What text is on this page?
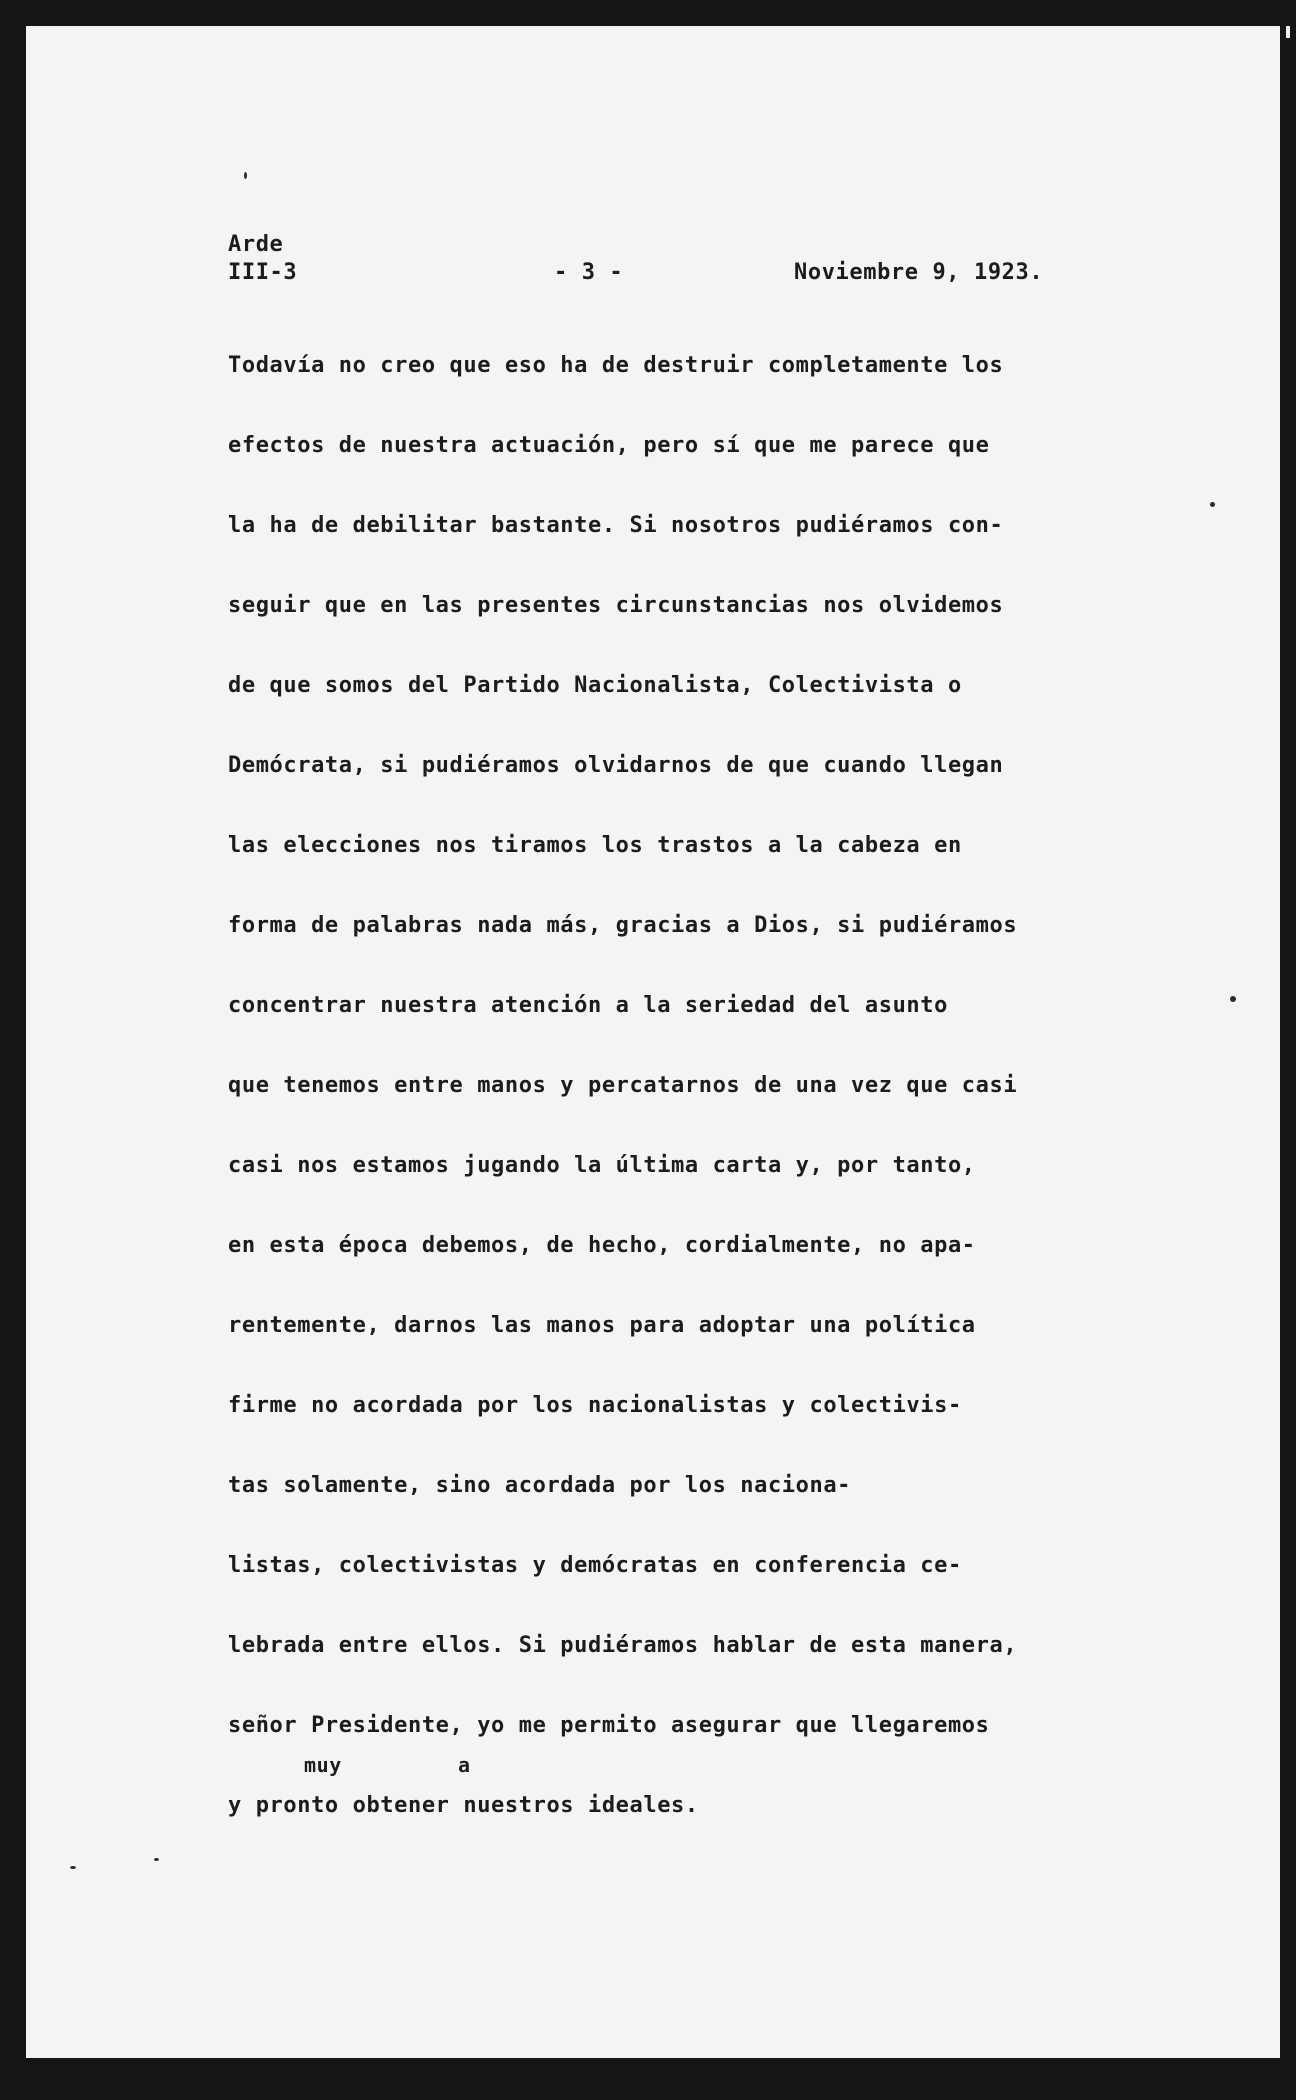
Arde
III-3	- 3 -	Noviembre 9, 1923.
Todavía no creo que eso ha de destruir completamente los
efectos de nuestra actuación, pero sí que me parece que
la ha de debilitar bastante. Si nosotros pudiéramos con-
seguir que en las presentes circunstancias nos olvidemos
de que somos del Partido Nacionalista, Colectivista o
Demócrata, si pudiéramos olvidarnos de que cuando llegan
las elecciones nos tiramos los trastos a la cabeza en
forma de palabras nada más, gracias a Dios, si pudiéramos
concentrar nuestra atención a la seriedad del asunto
que tenemos entre manos y percatarnos de una vez que casi
casi nos estamos jugando la última carta y, por tanto,
en esta época debemos, de hecho, cordialmente, no apa-
rentemente, darnos las manos para adoptar una política
firme no acordada por los nacionalistas y colectivis-
tas solamente, sino acordada por los naciona-
listas, colectivistas y demócratas en conferencia ce-
lebrada entre ellos. Si pudiéramos hablar de esta manera,
señor Presidente, yo me permito asegurar que llegaremos
muy	a
y pronto obtener nuestros ideales.
